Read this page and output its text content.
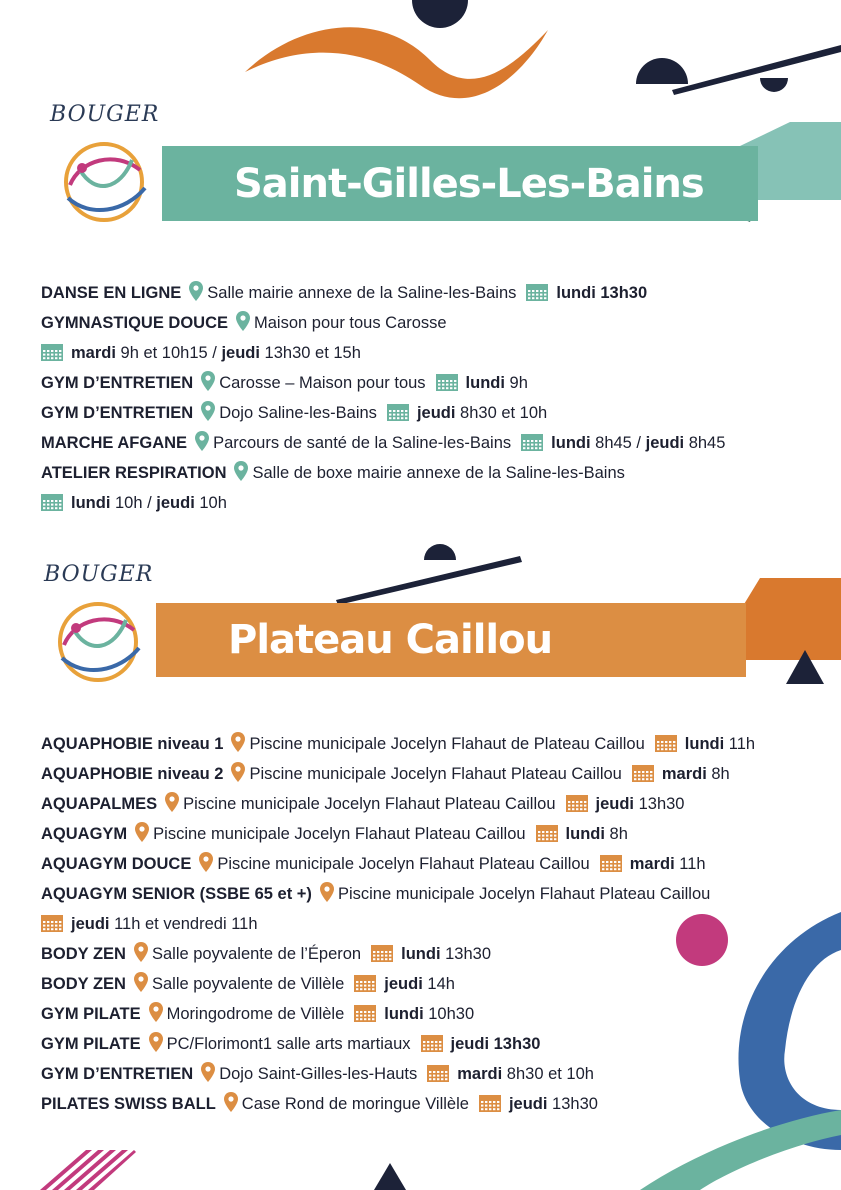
BOUGER
Saint-Gilles-Les-Bains
DANSE EN LIGNE Salle mairie annexe de la Saline-les-Bains lundi 13h30
GYMNASTIQUE DOUCE Maison pour tous Carosse
mardi 9h et 10h15 / jeudi 13h30 et 15h
GYM D’ENTRETIEN Carosse – Maison pour tous lundi 9h
GYM D’ENTRETIEN Dojo Saline-les-Bains jeudi 8h30 et 10h
MARCHE AFGANE Parcours de santé de la Saline-les-Bains lundi 8h45 / jeudi 8h45
ATELIER RESPIRATION Salle de boxe mairie annexe de la Saline-les-Bains
lundi 10h / jeudi 10h
BOUGER
Plateau Caillou
AQUAPHOBIE niveau 1 Piscine municipale Jocelyn Flahaut de Plateau Caillou lundi 11h
AQUAPHOBIE niveau 2 Piscine municipale Jocelyn Flahaut Plateau Caillou mardi 8h
AQUAPALMES Piscine municipale Jocelyn Flahaut Plateau Caillou jeudi 13h30
AQUAGYM Piscine municipale Jocelyn Flahaut Plateau Caillou lundi 8h
AQUAGYM DOUCE Piscine municipale Jocelyn Flahaut Plateau Caillou mardi 11h
AQUAGYM SENIOR (SSBE 65 et +) Piscine municipale Jocelyn Flahaut Plateau Caillou
jeudi 11h et vendredi 11h
BODY ZEN Salle poyvalente de l’Éperon lundi 13h30
BODY ZEN Salle poyvalente de Villèle jeudi 14h
GYM PILATE Moringodrome de Villèle lundi 10h30
GYM PILATE PC/Florimont1 salle arts martiaux jeudi 13h30
GYM D’ENTRETIEN Dojo Saint-Gilles-les-Hauts mardi 8h30 et 10h
PILATES SWISS BALL Case Rond de moringue Villèle jeudi 13h30
